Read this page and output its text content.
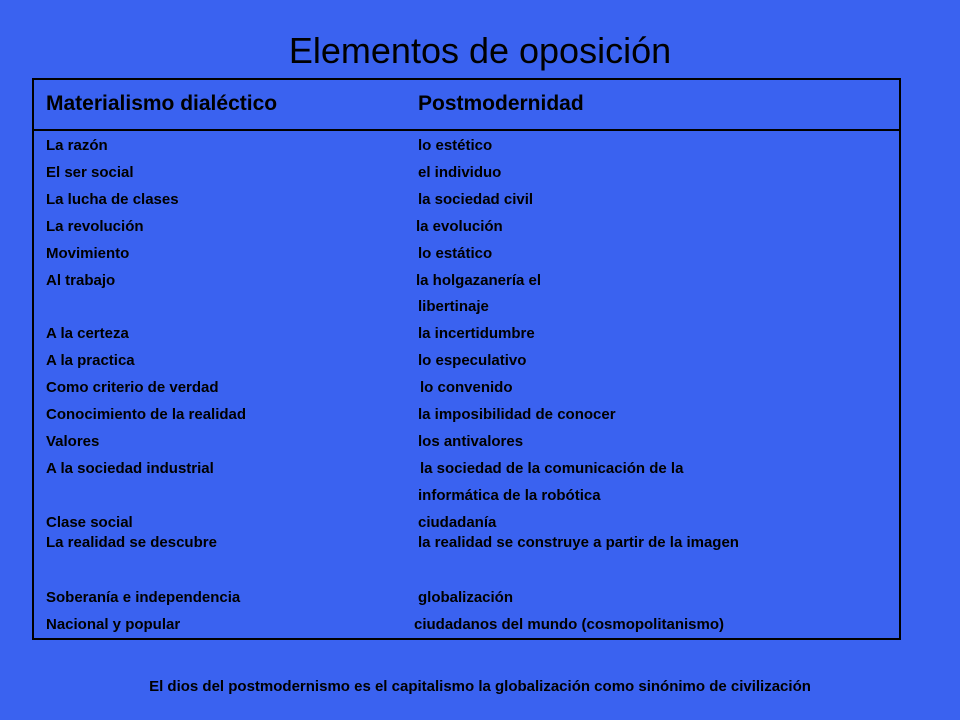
Elementos de oposición
Materialismo dialéctico	Postmodernidad
La razón	lo estético
El ser social	el individuo
La lucha de clases	la sociedad civil
La revolución	la evolución
Movimiento	lo estático
Al trabajo	la holgazanería el
libertinaje
A la certeza	la incertidumbre
A la practica	lo especulativo
Como criterio de verdad	lo convenido
Conocimiento de la realidad	la imposibilidad de conocer
Valores	los antivalores
A la sociedad industrial	la sociedad de la comunicación de la
informática de la robótica
Clase social	ciudadanía
La realidad se descubre	la realidad se construye a partir de la imagen
Soberanía e independencia	globalización
Nacional y popular	ciudadanos del mundo (cosmopolitanismo)
El dios del postmodernismo es el capitalismo la globalización como sinónimo de civilización
